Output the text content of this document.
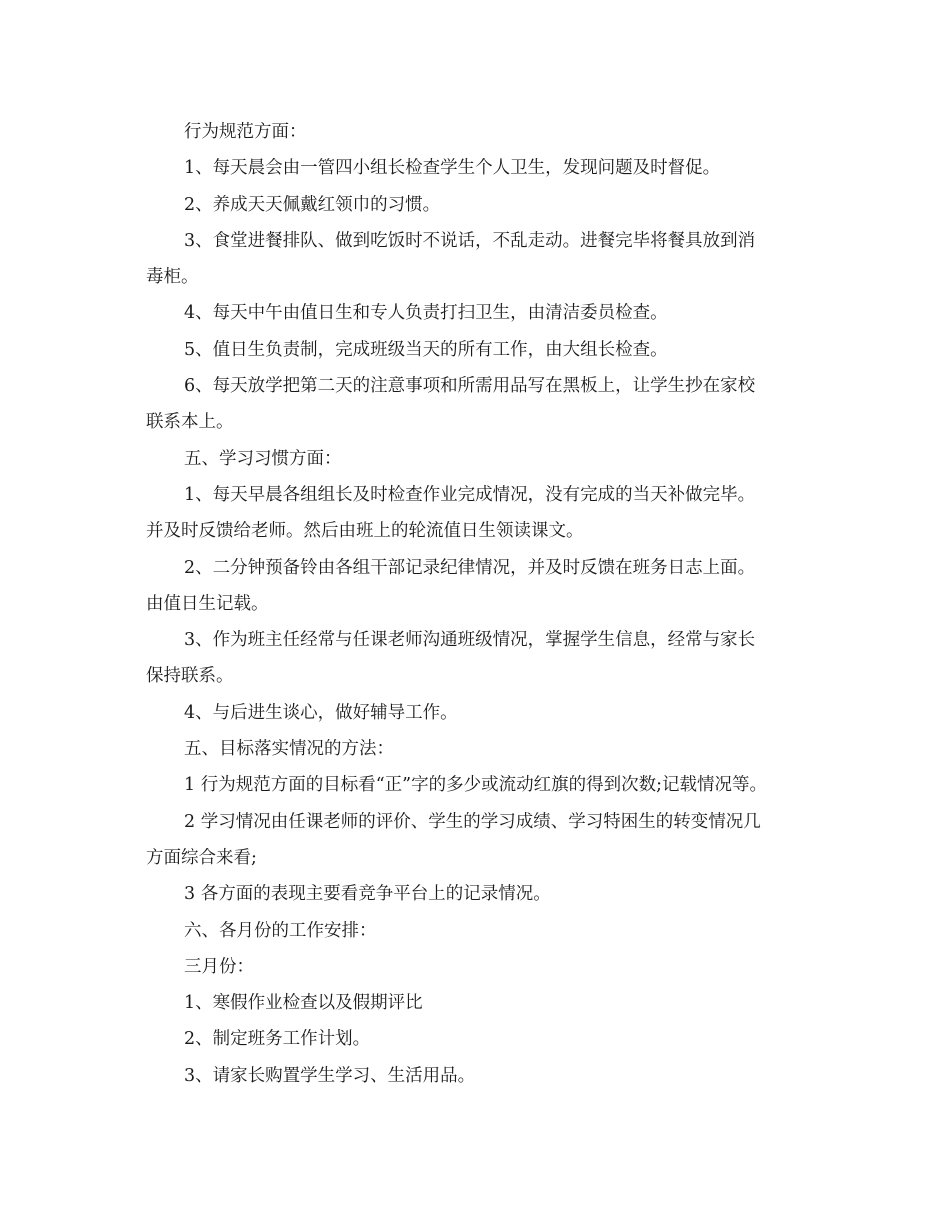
行为规范方面：

1、每天晨会由一管四小组长检查学生个人卫生，发现问题及时督促。

2、养成天天佩戴红领巾的习惯。

3、食堂进餐排队、做到吃饭时不说话，不乱走动。进餐完毕将餐具放到消

毒柜。

4、每天中午由值日生和专人负责打扫卫生，由清洁委员检查。

5、值日生负责制，完成班级当天的所有工作，由大组长检查。

6、每天放学把第二天的注意事项和所需用品写在黑板上，让学生抄在家校

联系本上。

五、学习习惯方面：

1、每天早晨各组组长及时检查作业完成情况，没有完成的当天补做完毕。

并及时反馈给老师。然后由班上的轮流值日生领读课文。

2、二分钟预备铃由各组干部记录纪律情况，并及时反馈在班务日志上面。

由值日生记载。

3、作为班主任经常与任课老师沟通班级情况，掌握学生信息，经常与家长

保持联系。

4、与后进生谈心，做好辅导工作。

五、目标落实情况的方法：

1 行为规范方面的目标看“正”字的多少或流动红旗的得到次数;记载情况等。

2 学习情况由任课老师的评价、学生的学习成绩、学习特困生的转变情况几

方面综合来看;

3 各方面的表现主要看竞争平台上的记录情况。

六、各月份的工作安排：

三月份：

1、寒假作业检查以及假期评比

2、制定班务工作计划。

3、请家长购置学生学习、生活用品。
